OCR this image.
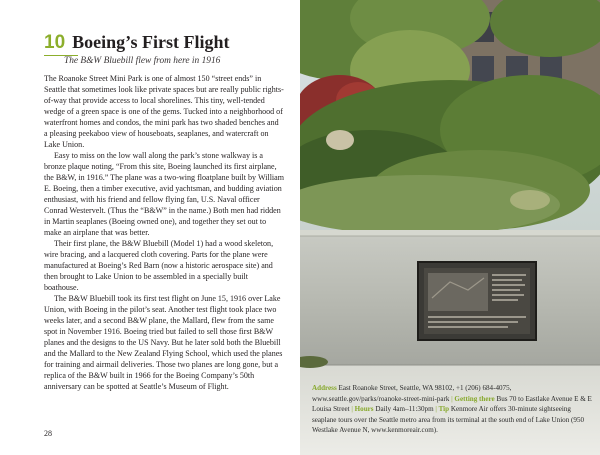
10 Boeing’s First Flight
The B&W Bluebill flew from here in 1916

The Roanoke Street Mini Park is one of almost 150 “street ends” in Seattle that sometimes look like private spaces but are really public rights-of-way that provide access to local shorelines. This tiny, well-tended wedge of a green space is one of the gems. Tucked into a neighborhood of waterfront homes and condos, the mini park has two shaded benches and a pleasing peekaboo view of houseboats, seaplanes, and watercraft on Lake Union.

Easy to miss on the low wall along the park’s stone walkway is a bronze plaque noting, “From this site, Boeing launched its first airplane, the B&W, in 1916.” The plane was a two-wing floatplane built by William E. Boeing, then a timber executive, avid yachtsman, and budding aviation enthusiast, with his friend and fellow flying fan, U.S. Naval officer Conrad Westervelt. (Thus the “B&W” in the name.) Both men had ridden in Martin seaplanes (Boeing owned one), and together they set out to make an airplane that was better.

Their first plane, the B&W Bluebill (Model 1) had a wood skeleton, wire bracing, and a lacquered cloth covering. Parts for the plane were manufactured at Boeing’s Red Barn (now a historic aerospace site) and then brought to Lake Union to be assembled in a specially built boathouse.

The B&W Bluebill took its first test flight on June 15, 1916 over Lake Union, with Boeing in the pilot’s seat. Another test flight took place two weeks later, and a second B&W plane, the Mallard, flew from the same spot in November 1916. Boeing tried but failed to sell those first B&W planes and the designs to the US Navy. But he later sold both the Bluebill and the Mallard to the New Zealand Flying School, which used the planes for training and airmail deliveries. Those two planes are long gone, but a replica of the B&W built in 1966 for the Boeing Company’s 50th anniversary can be spotted at Seattle’s Museum of Flight.

28
Address East Roanoke Street, Seattle, WA 98102, +1 (206) 684-4075, www.seattle.gov/parks/roanoke-street-mini-park | Getting there Bus 70 to Eastlake Avenue E & E Louisa Street | Hours Daily 4am–11:30pm | Tip Kenmore Air offers 30-minute sightseeing seaplane tours over the Seattle metro area from its terminal at the south end of Lake Union (950 Westlake Avenue N, www.kenmoreair.com).
